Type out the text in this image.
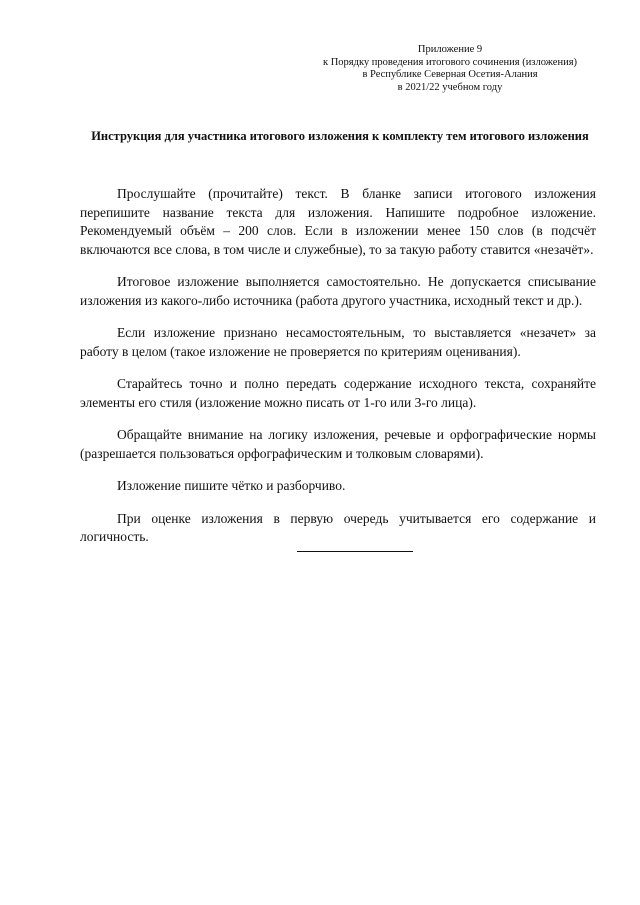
Приложение 9
к Порядку проведения итогового сочинения (изложения)
в Республике Северная Осетия-Алания
в 2021/22 учебном году
Инструкция для участника итогового изложения к комплекту тем итогового изложения

Прослушайте (прочитайте) текст. В бланке записи итогового изложения перепишите название текста для изложения. Напишите подробное изложение. Рекомендуемый объём – 200 слов. Если в изложении менее 150 слов (в подсчёт включаются все слова, в том числе и служебные), то за такую работу ставится «незачёт».

Итоговое изложение выполняется самостоятельно. Не допускается списывание изложения из какого-либо источника (работа другого участника, исходный текст и др.).

Если изложение признано несамостоятельным, то выставляется «незачет» за работу в целом (такое изложение не проверяется по критериям оценивания).

Старайтесь точно и полно передать содержание исходного текста, сохраняйте элементы его стиля (изложение можно писать от 1-го или 3-го лица).

Обращайте внимание на логику изложения, речевые и орфографические нормы (разрешается пользоваться орфографическим и толковым словарями).

Изложение пишите чётко и разборчиво.

При оценке изложения в первую очередь учитывается его содержание и логичность.
